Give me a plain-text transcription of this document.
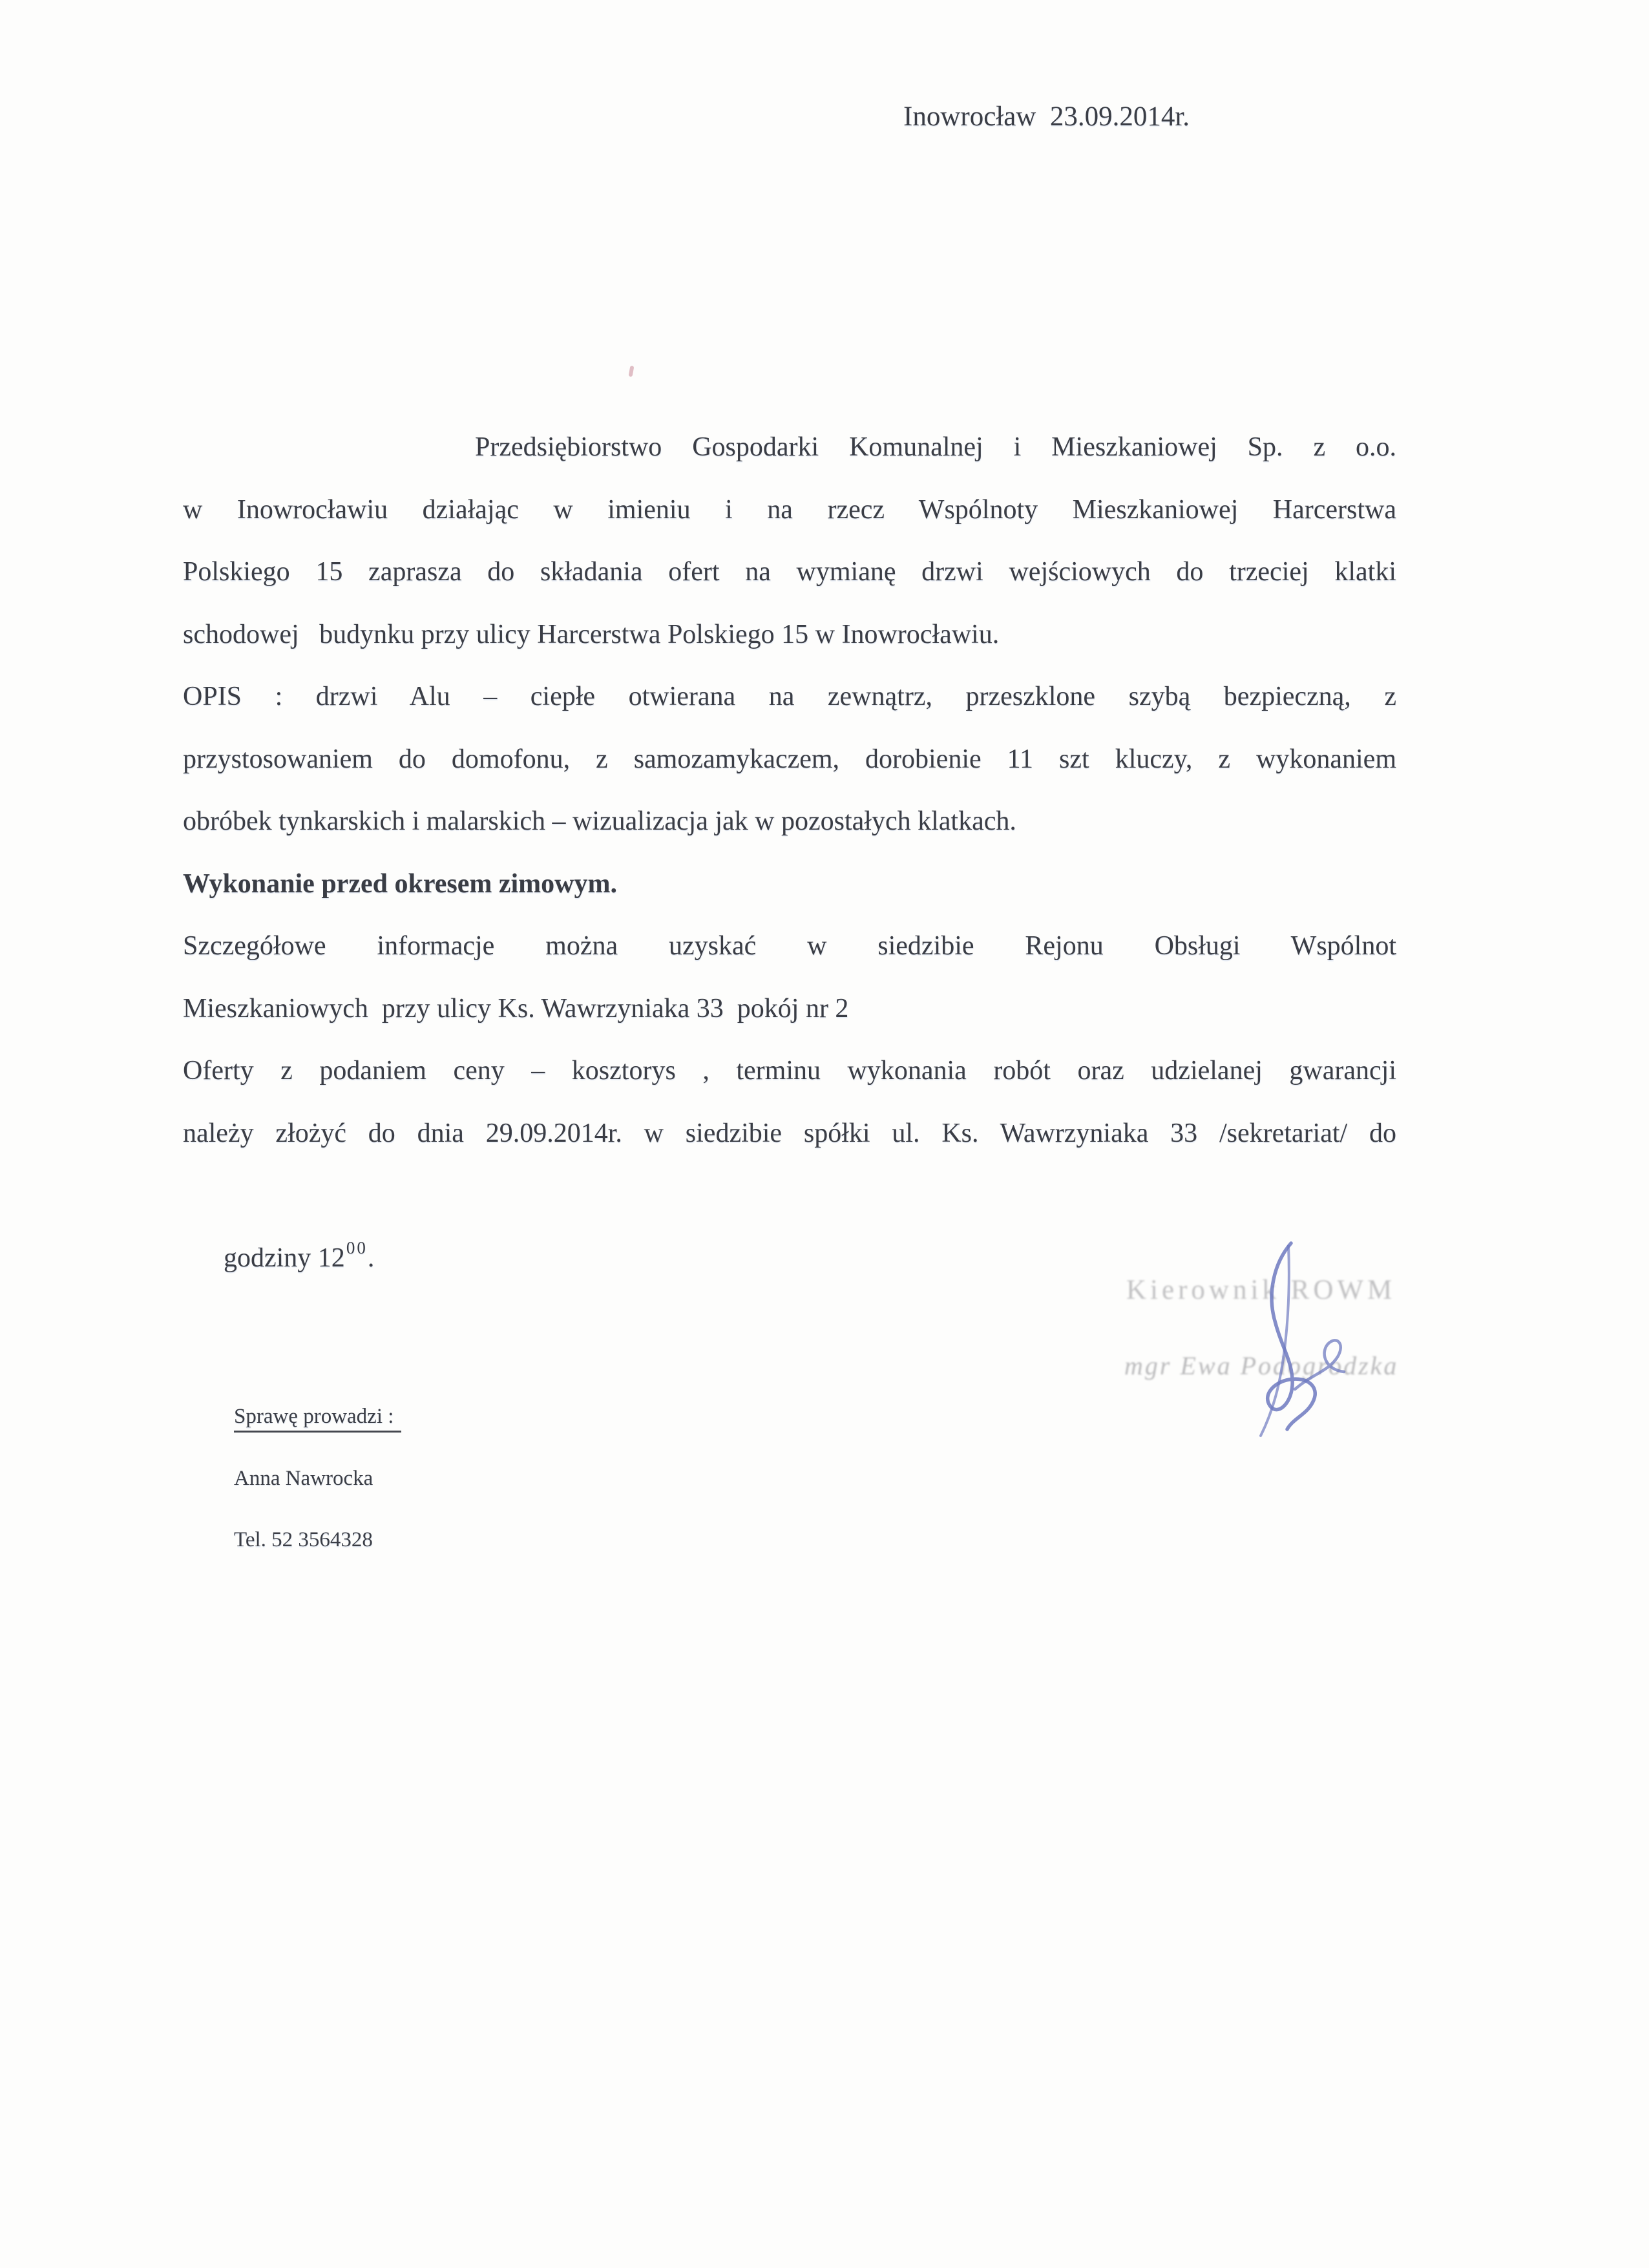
Inowrocław  23.09.2014r.
Przedsiębiorstwo Gospodarki Komunalnej i Mieszkaniowej Sp. z o.o.
w Inowrocławiu działając w imieniu i na rzecz Wspólnoty Mieszkaniowej Harcerstwa
Polskiego 15 zaprasza do składania ofert na wymianę drzwi wejściowych do trzeciej klatki
schodowej   budynku przy ulicy Harcerstwa Polskiego 15 w Inowrocławiu.
OPIS : drzwi Alu – ciepłe otwierana na zewnątrz, przeszklone szybą bezpieczną, z
przystosowaniem do domofonu, z samozamykaczem, dorobienie 11 szt kluczy, z wykonaniem
obróbek tynkarskich i malarskich – wizualizacja jak w pozostałych klatkach.
Wykonanie przed okresem zimowym.
Szczegółowe informacje można uzyskać w siedzibie Rejonu Obsługi Wspólnot
Mieszkaniowych  przy ulicy Ks. Wawrzyniaka 33  pokój nr 2
Oferty z podaniem ceny – kosztorys , terminu wykonania robót oraz udzielanej gwarancji
należy złożyć do dnia 29.09.2014r. w siedzibie spółki ul. Ks. Wawrzyniaka 33 /sekretariat/ do

godziny $12^{00}$.

Kierownik ROWM
mgr Ewa Podogrodzka
Sprawę prowadzi :
Anna Nawrocka
Tel. 52 3564328
